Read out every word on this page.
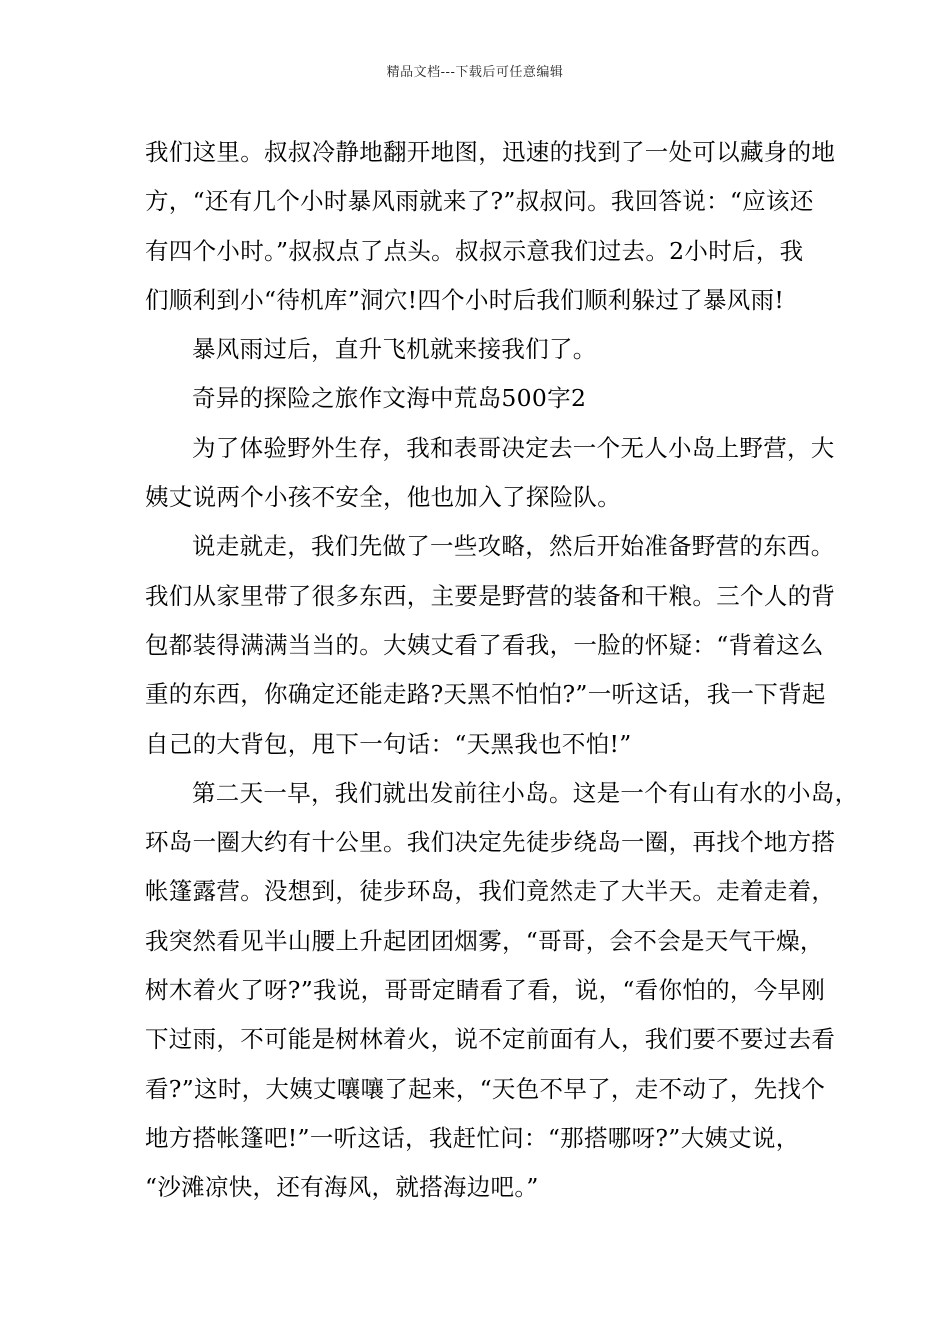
精品文档---下载后可任意编辑
我们这里。叔叔冷静地翻开地图，迅速的找到了一处可以藏身的地
方，“还有几个小时暴风雨就来了?”叔叔问。我回答说：“应该还
有四个小时。”叔叔点了点头。叔叔示意我们过去。2小时后，我
们顺利到小“待机库”洞穴!四个小时后我们顺利躲过了暴风雨!
暴风雨过后，直升飞机就来接我们了。
奇异的探险之旅作文海中荒岛500字2
为了体验野外生存，我和表哥决定去一个无人小岛上野营，大
姨丈说两个小孩不安全，他也加入了探险队。
说走就走，我们先做了一些攻略，然后开始准备野营的东西。
我们从家里带了很多东西，主要是野营的装备和干粮。三个人的背
包都装得满满当当的。大姨丈看了看我，一脸的怀疑：“背着这么
重的东西，你确定还能走路?天黑不怕怕?”一听这话，我一下背起
自己的大背包，甩下一句话：“天黑我也不怕!”
第二天一早，我们就出发前往小岛。这是一个有山有水的小岛，
环岛一圈大约有十公里。我们决定先徒步绕岛一圈，再找个地方搭
帐篷露营。没想到，徒步环岛，我们竟然走了大半天。走着走着，
我突然看见半山腰上升起团团烟雾，“哥哥，会不会是天气干燥，
树木着火了呀?”我说，哥哥定睛看了看，说，“看你怕的，今早刚
下过雨，不可能是树林着火，说不定前面有人，我们要不要过去看
看?”这时，大姨丈嚷嚷了起来，“天色不早了，走不动了，先找个
地方搭帐篷吧!”一听这话，我赶忙问：“那搭哪呀?”大姨丈说，
“沙滩凉快，还有海风，就搭海边吧。”
